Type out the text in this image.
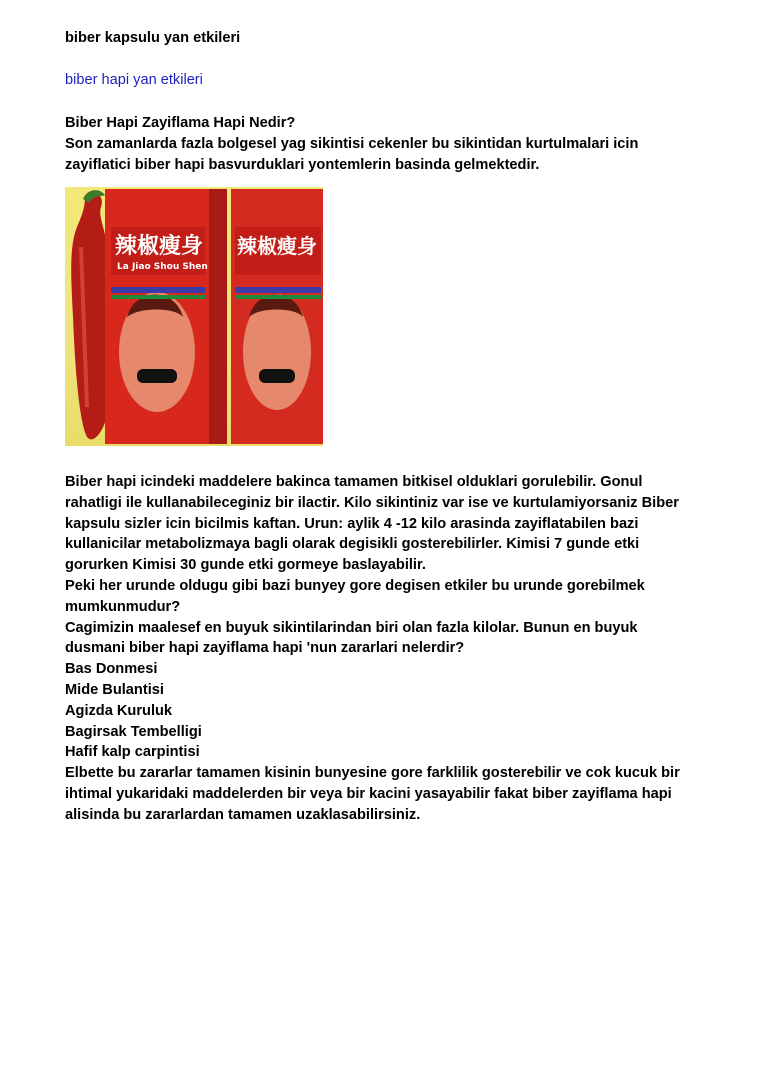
biber kapsulu yan etkileri

biber hapi yan etkileri
Biber Hapi Zayiflama Hapi Nedir?
Son zamanlarda fazla bolgesel yag sikintisi cekenler bu sikintidan kurtulmalari icin
zayiflatici biber hapi basvurduklari yontemlerin basinda gelmektedir.
辣椒瘦身
La Jiao Shou Shen
辣椒瘦身
Biber hapi icindeki maddelere bakinca tamamen bitkisel olduklari gorulebilir. Gonul
rahatligi ile kullanabileceginiz bir ilactir. Kilo sikintiniz var ise ve kurtulamiyorsaniz Biber
kapsulu sizler icin bicilmis kaftan. Urun: aylik 4 -12 kilo arasinda zayiflatabilen bazi
kullanicilar metabolizmaya bagli olarak degisikli gosterebilirler. Kimisi 7 gunde etki
gorurken Kimisi 30 gunde etki gormeye baslayabilir.
Peki her urunde oldugu gibi bazi bunyey gore degisen etkiler bu urunde gorebilmek
mumkunmudur?
Cagimizin maalesef en buyuk sikintilarindan biri olan fazla kilolar. Bunun en buyuk
dusmani biber hapi zayiflama hapi 'nun zararlari nelerdir?
Bas Donmesi
Mide Bulantisi
Agizda Kuruluk
Bagirsak Tembelligi
Hafif kalp carpintisi
Elbette bu zararlar tamamen kisinin bunyesine gore farklilik gosterebilir ve cok kucuk bir
ihtimal yukaridaki maddelerden bir veya bir kacini yasayabilir fakat biber zayiflama hapi
alisinda bu zararlardan tamamen uzaklasabilirsiniz.
